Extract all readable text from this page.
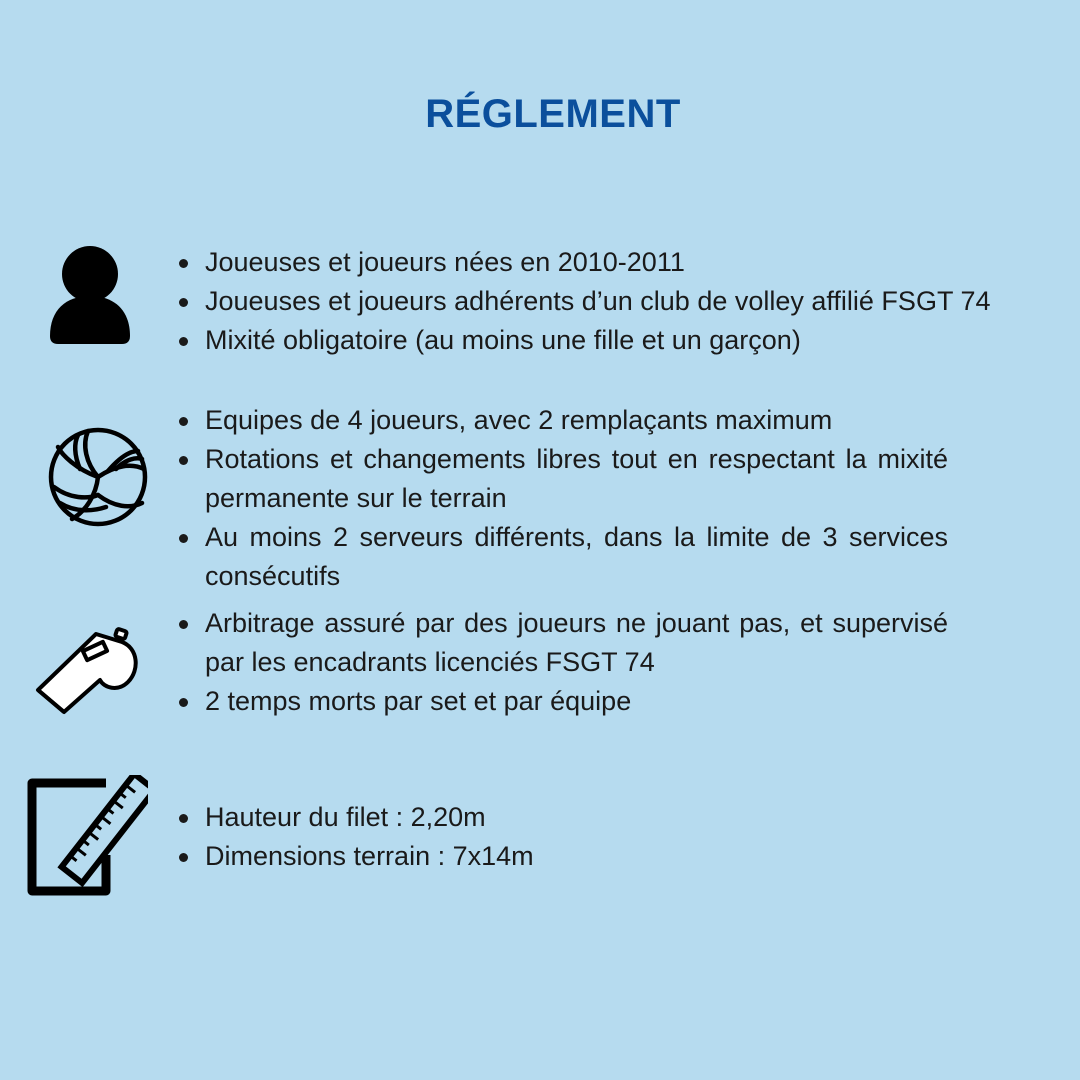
RÉGLEMENT
Joueuses et joueurs nées en 2010-2011
Joueuses et joueurs adhérents d’un club de volley affilié FSGT 74
Mixité obligatoire (au moins une fille et un garçon)
Equipes de 4 joueurs, avec 2 remplaçants maximum
Rotations et changements libres tout en respectant la mixité permanente sur le terrain
Au moins 2 serveurs différents, dans la limite de 3 services consécutifs
Arbitrage assuré par des joueurs ne jouant pas, et supervisé par les encadrants licenciés FSGT 74
2 temps morts par set et par équipe
Hauteur du filet : 2,20m
Dimensions terrain : 7x14m
